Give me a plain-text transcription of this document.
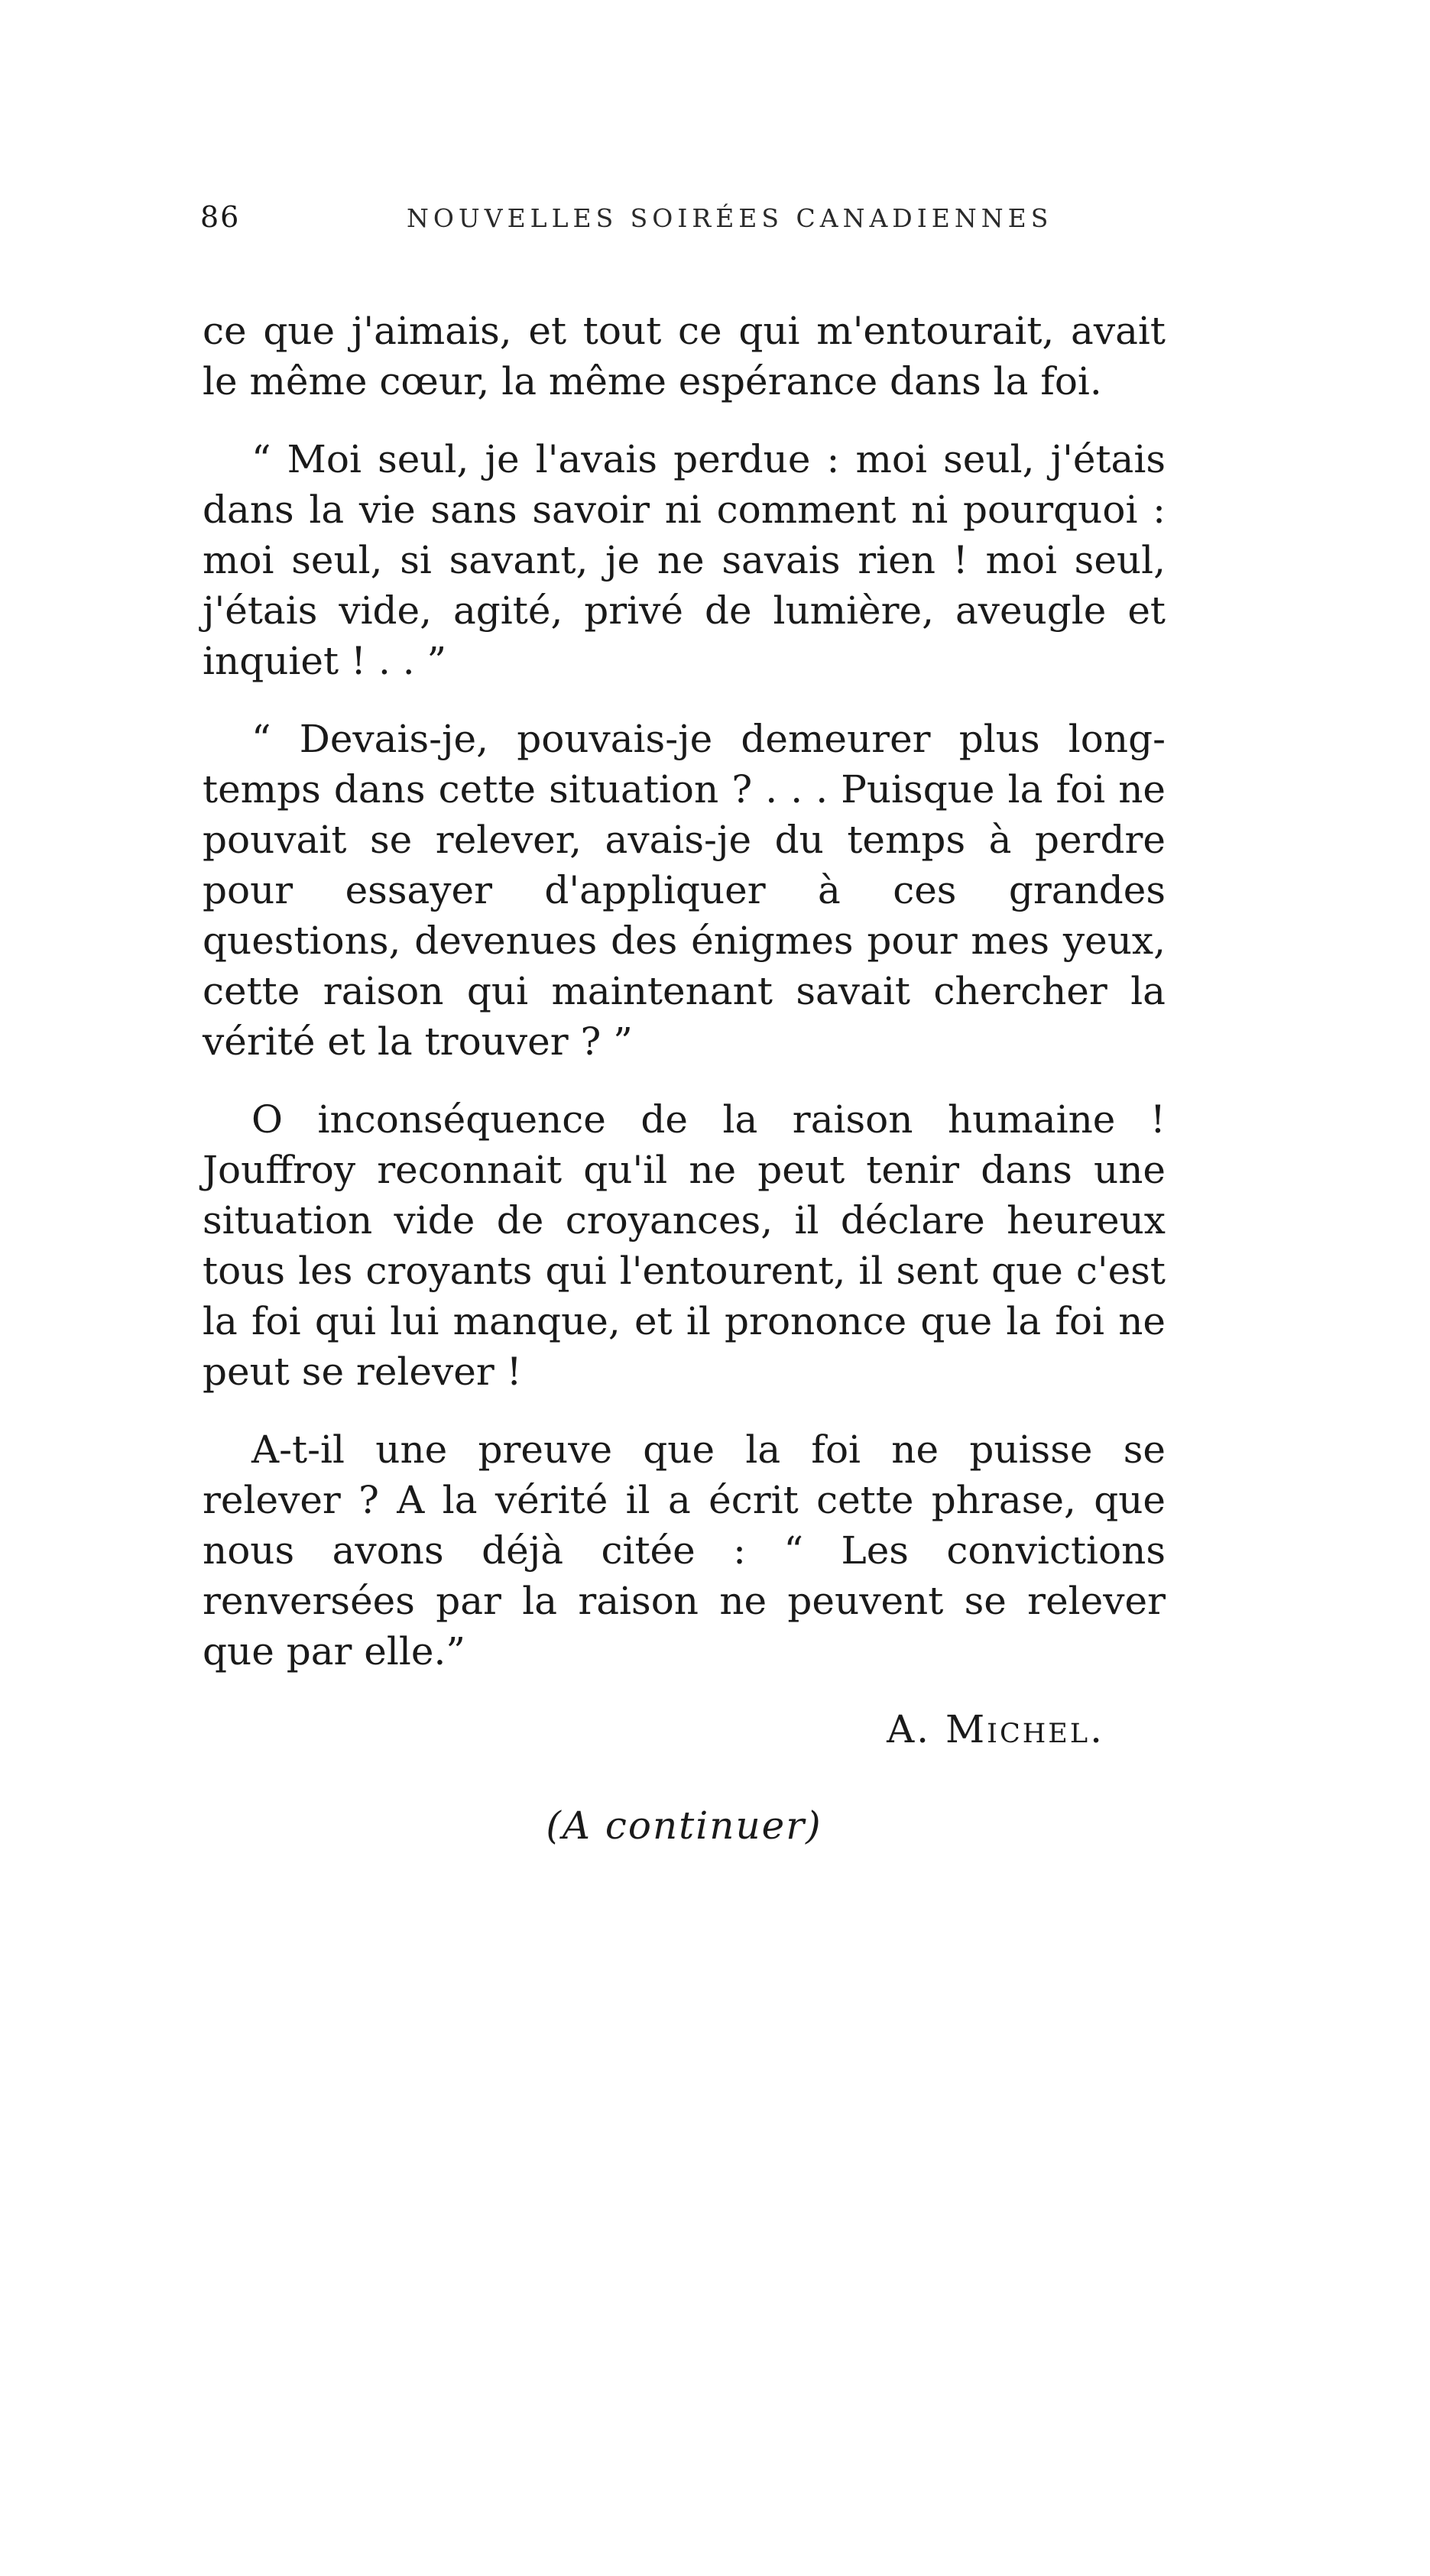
86	NOUVELLES SOIRÉES CANADIENNES

ce que j'aimais, et tout ce qui m'entourait, avait le même cœur, la même espérance dans la foi.

“ Moi seul, je l'avais perdue : moi seul, j'étais dans la vie sans savoir ni comment ni pourquoi : moi seul, si savant, je ne savais rien ! moi seul, j'étais vide, agité, privé de lumière, aveugle et inquiet ! . . ”

“ Devais-je, pouvais-je demeurer plus long-temps dans cette situation ? . . . Puisque la foi ne pouvait se relever, avais-je du temps à perdre pour essayer d'appliquer à ces grandes questions, devenues des énigmes pour mes yeux, cette raison qui maintenant savait chercher la vérité et la trouver ? ”

O inconséquence de la raison humaine ! Jouffroy reconnait qu'il ne peut tenir dans une situation vide de croyances, il déclare heureux tous les croyants qui l'entourent, il sent que c'est la foi qui lui manque, et il prononce que la foi ne peut se relever !

A-t-il une preuve que la foi ne puisse se relever ? A la vérité il a écrit cette phrase, que nous avons déjà citée : “ Les convictions renversées par la raison ne peuvent se relever que par elle.”

A. Michel.
(A continuer)
